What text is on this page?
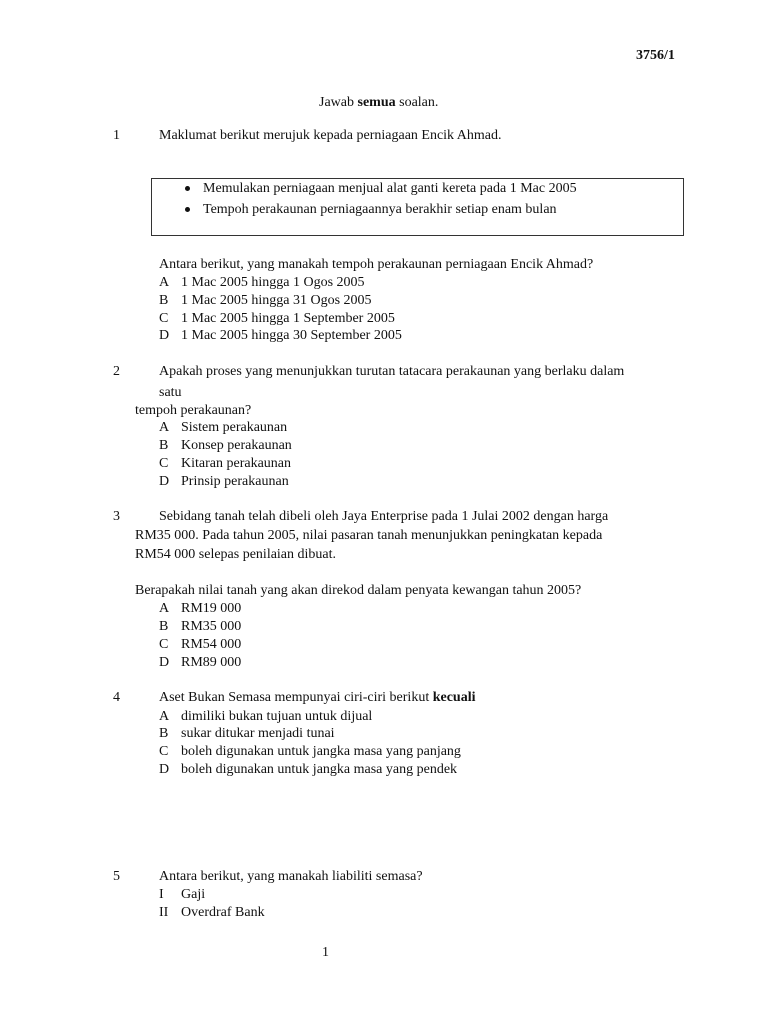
3756/1
Jawab semua soalan.
1	Maklumat berikut merujuk kepada perniagaan Encik Ahmad.
Memulakan perniagaan menjual alat ganti kereta pada 1 Mac 2005
Tempoh perakaunan perniagaannya berakhir setiap enam bulan
Antara berikut, yang manakah tempoh perakaunan perniagaan Encik Ahmad?
A 1 Mac 2005 hingga 1 Ogos 2005
B 1 Mac 2005 hingga 31 Ogos 2005
C 1 Mac 2005 hingga 1 September 2005
D 1 Mac 2005 hingga 30 September 2005
2	Apakah proses yang menunjukkan turutan tatacara perakaunan yang berlaku dalam
satu
tempoh perakaunan?
A Sistem perakaunan
B Konsep perakaunan
C Kitaran perakaunan
D Prinsip perakaunan
3	Sebidang tanah telah dibeli oleh Jaya Enterprise pada 1 Julai 2002 dengan harga
RM35 000. Pada tahun 2005, nilai pasaran tanah menunjukkan peningkatan kepada
RM54 000 selepas penilaian dibuat.
Berapakah nilai tanah yang akan direkod dalam penyata kewangan tahun 2005?
A RM19 000
B RM35 000
C RM54 000
D RM89 000
4	Aset Bukan Semasa mempunyai ciri-ciri berikut kecuali
A dimiliki bukan tujuan untuk dijual
B sukar ditukar menjadi tunai
C boleh digunakan untuk jangka masa yang panjang
D boleh digunakan untuk jangka masa yang pendek
5	Antara berikut, yang manakah liabiliti semasa?
I	Gaji
II Overdraf Bank
1
